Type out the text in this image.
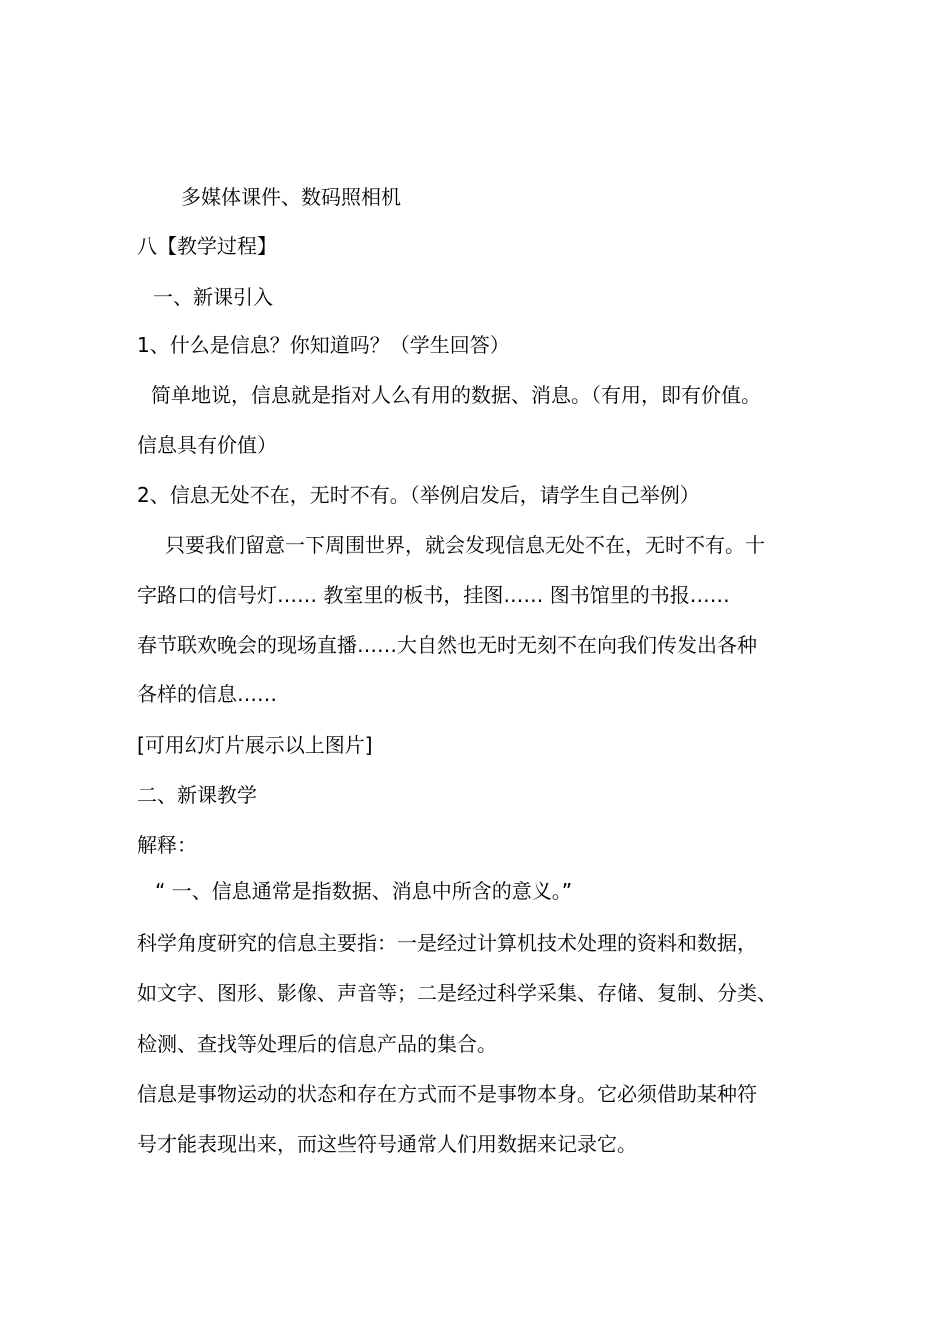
多媒体课件、数码照相机
八【教学过程】
一、新课引入
1、什么是信息？你知道吗？（学生回答）
简单地说，信息就是指对人么有用的数据、消息。（有用，即有价值。
信息具有价值）
2、信息无处不在，无时不有。（举例启发后，请学生自己举例）
只要我们留意一下周围世界，就会发现信息无处不在，无时不有。十
字路口的信号灯…… 教室里的板书，挂图…… 图书馆里的书报……
春节联欢晚会的现场直播……大自然也无时无刻不在向我们传发出各种
各样的信息……
[可用幻灯片展示以上图片]
二、新课教学
解释：
“ 一、信息通常是指数据、消息中所含的意义。”
科学角度研究的信息主要指：一是经过计算机技术处理的资料和数据，
如文字、图形、影像、声音等；二是经过科学采集、存储、复制、分类、
检测、查找等处理后的信息产品的集合。
信息是事物运动的状态和存在方式而不是事物本身。它必须借助某种符
号才能表现出来，而这些符号通常人们用数据来记录它。
